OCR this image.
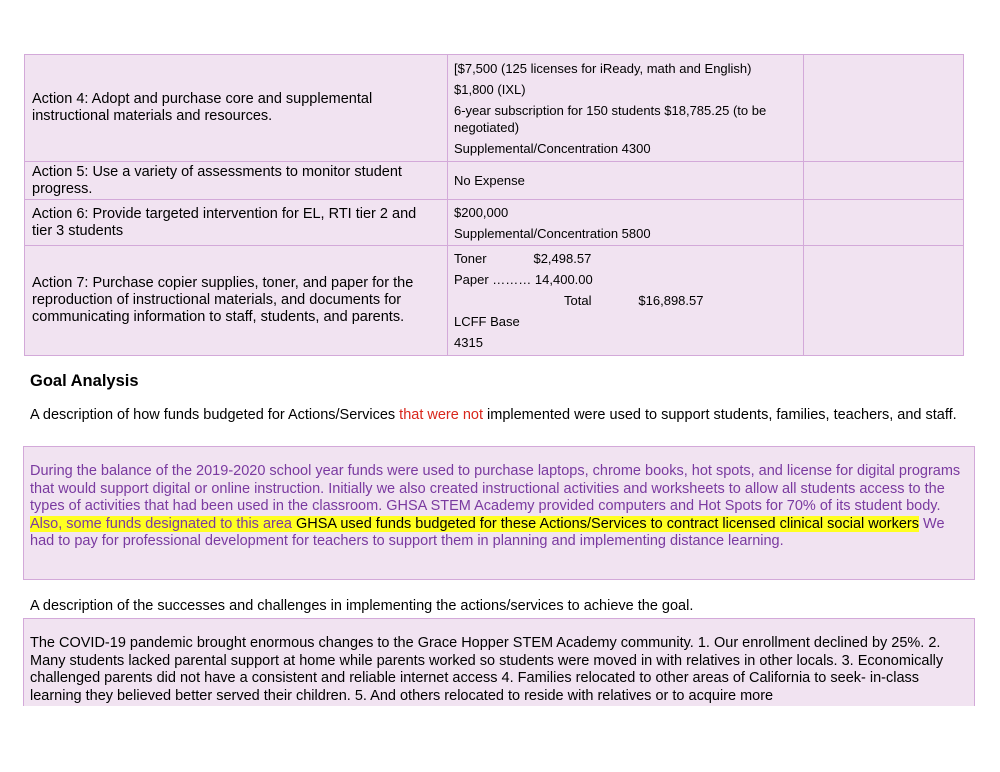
Action 4: Adopt and purchase core and supplemental instructional materials and resources.	[$7,500 (125 licenses for iReady, math and English)
$1,800 (IXL)
6-year subscription for 150 students $18,785.25 (to be negotiated)
Supplemental/Concentration 4300	

Action 5: Use a variety of assessments to monitor student progress.	No Expense	

Action 6: Provide targeted intervention for EL, RTI tier 2 and tier 3 students	$200,000
Supplemental/Concentration 5800	

Action 7: Purchase copier supplies, toner, and paper for the reproduction of instructional materials, and documents for communicating information to staff, students, and parents.	Toner             $2,498.57
Paper ……… 14,400.00
Total             $16,898.57
LCFF Base
4315	

Goal Analysis

A description of how funds budgeted for Actions/Services that were not implemented were used to support students, families, teachers, and staff.

During the balance of the 2019-2020 school year funds were used to purchase laptops, chrome books, hot spots, and license for digital programs that would support digital or online instruction. Initially we also created instructional activities and worksheets to allow all students access to the types of activities that had been used in the classroom. GHSA STEM Academy provided computers and Hot Spots for 70% of its student body. Also, some funds designated to this area GHSA used funds budgeted for these Actions/Services to contract licensed clinical social workers We had to pay for professional development for teachers to support them in planning and implementing distance learning.

A description of the successes and challenges in implementing the actions/services to achieve the goal.

The COVID-19 pandemic brought enormous changes to the Grace Hopper STEM Academy community. 1. Our enrollment declined by 25%. 2. Many students lacked parental support at home while parents worked so students were moved in with relatives in other locals. 3. Economically challenged parents did not have a consistent and reliable internet access 4. Families relocated to other areas of California to seek- in-class learning they believed better served their children. 5. And others relocated to reside with relatives or to acquire more
